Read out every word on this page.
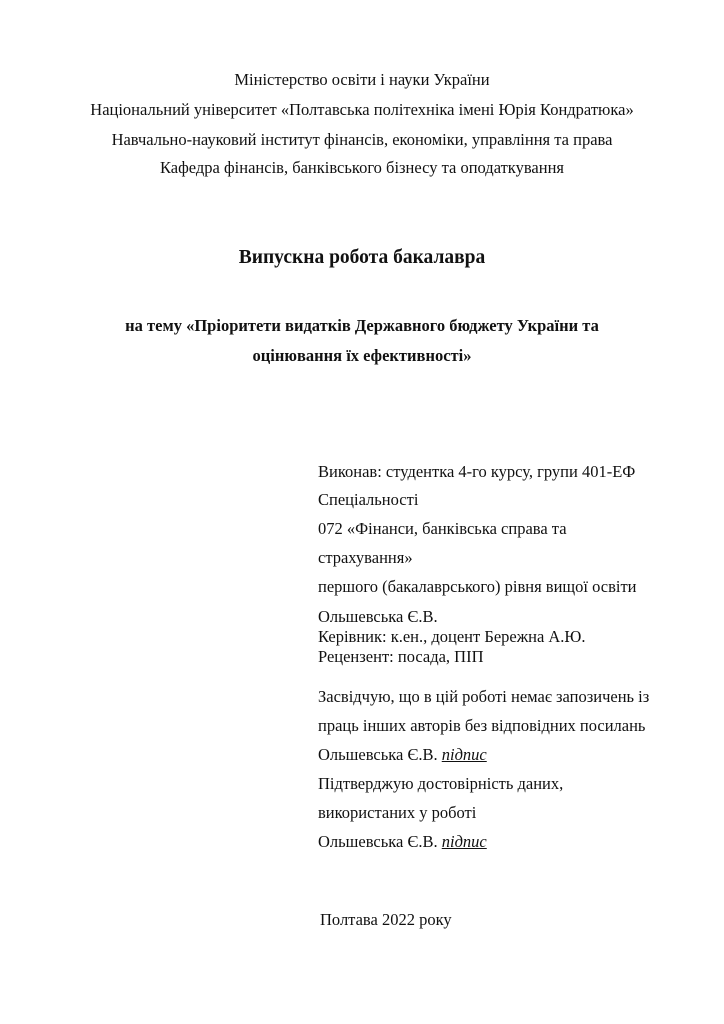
Міністерство освіти і науки України
Національний університет «Полтавська політехніка імені Юрія Кондратюка»
Навчально-науковий інститут фінансів, економіки, управління та права
Кафедра фінансів, банківського бізнесу та оподаткування
Випускна робота бакалавра
на тему «Пріоритети видатків Державного бюджету України та
оцінювання їх ефективності»
Виконав: студентка 4-го курсу, групи 401-ЕФ
Спеціальності
072 «Фінанси, банківська справа та
страхування»
першого (бакалаврського) рівня вищої освіти
Ольшевська Є.В.
Керівник: к.ен., доцент Бережна А.Ю.
Рецензент: посада, ПІП
Засвідчую, що в цій роботі немає запозичень із
праць інших авторів без відповідних посилань
Ольшевська Є.В. підпис
Підтверджую достовірність даних,
використаних у роботі
Ольшевська Є.В. підпис
Полтава 2022 року
